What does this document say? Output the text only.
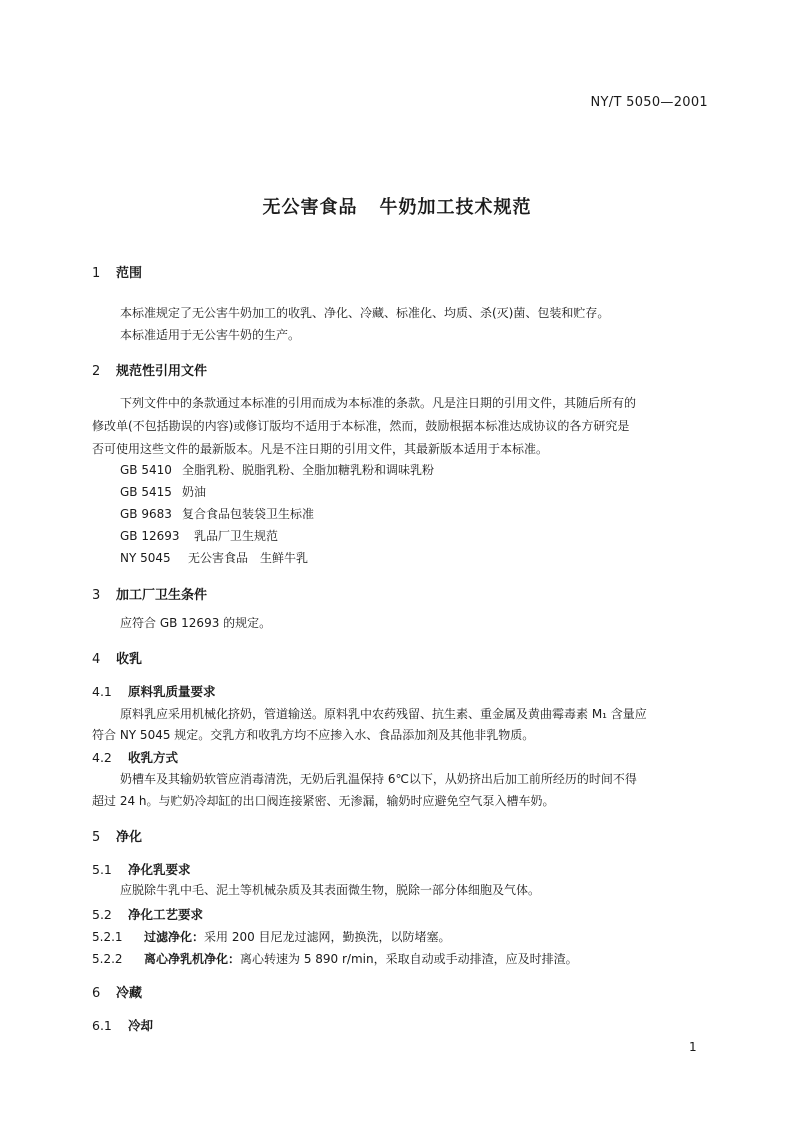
NY/T 5050—2001
无公害食品 牛奶加工技术规范
1 范围
本标准规定了无公害牛奶加工的收乳、净化、冷藏、标准化、均质、杀(灭)菌、包装和贮存。
本标准适用于无公害牛奶的生产。
2 规范性引用文件
下列文件中的条款通过本标准的引用而成为本标准的条款。凡是注日期的引用文件，其随后所有的
修改单(不包括勘误的内容)或修订版均不适用于本标准，然而，鼓励根据本标准达成协议的各方研究是
否可使用这些文件的最新版本。凡是不注日期的引用文件，其最新版本适用于本标准。
GB 5410 全脂乳粉、脱脂乳粉、全脂加糖乳粉和调味乳粉
GB 5415 奶油
GB 9683 复合食品包装袋卫生标准
GB 12693 乳品厂卫生规范
NY 5045 无公害食品　生鲜牛乳
3 加工厂卫生条件
应符合 GB 12693 的规定。
4 收乳
4.1 原料乳质量要求
原料乳应采用机械化挤奶，管道输送。原料乳中农药残留、抗生素、重金属及黄曲霉毒素 M₁ 含量应
符合 NY 5045 规定。交乳方和收乳方均不应掺入水、食品添加剂及其他非乳物质。
4.2 收乳方式
奶槽车及其输奶软管应消毒清洗，无奶后乳温保持 6℃以下，从奶挤出后加工前所经历的时间不得
超过 24 h。与贮奶冷却缸的出口阀连接紧密、无渗漏，输奶时应避免空气泵入槽车奶。
5 净化
5.1 净化乳要求
应脱除牛乳中毛、泥土等机械杂质及其表面微生物，脱除一部分体细胞及气体。
5.2 净化工艺要求
5.2.1 过滤净化：采用 200 目尼龙过滤网，勤换洗，以防堵塞。
5.2.2 离心净乳机净化：离心转速为 5 890 r/min，采取自动或手动排渣，应及时排渣。
6 冷藏
6.1 冷却
1
